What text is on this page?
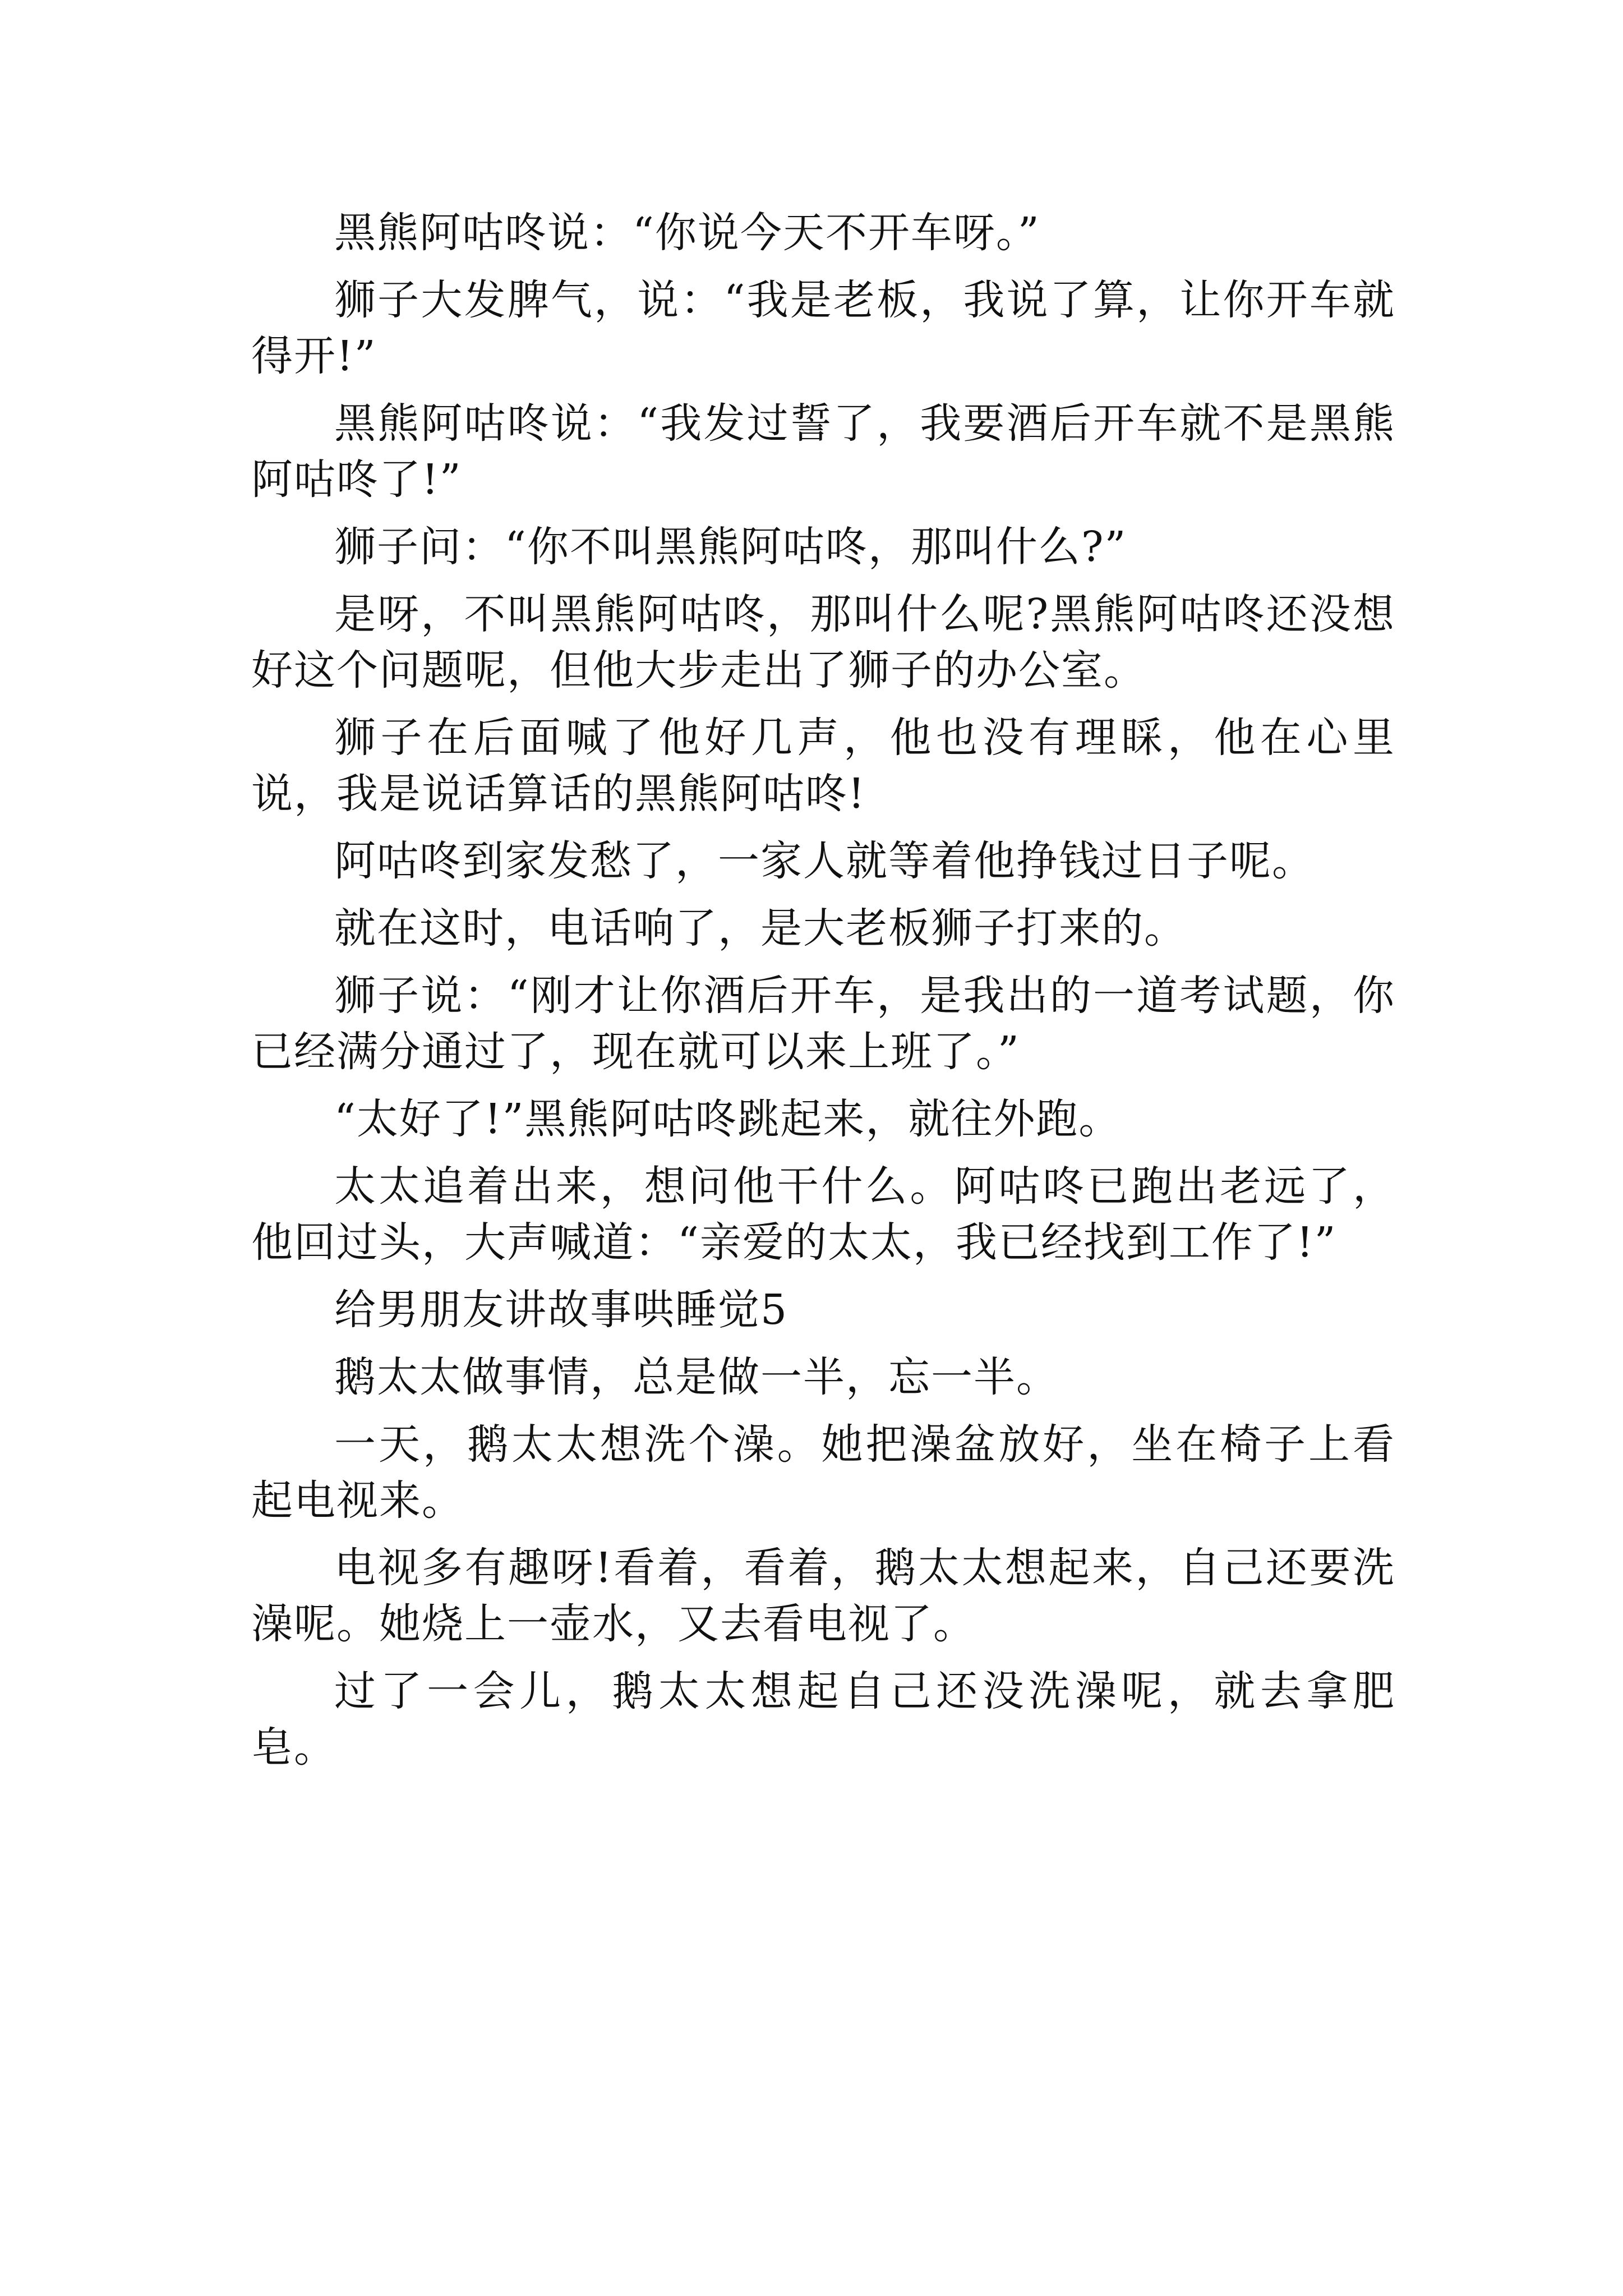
黑熊阿咕咚说：“你说今天不开车呀。”

狮子大发脾气，说：“我是老板，我说了算，让你开车就得开!”

黑熊阿咕咚说：“我发过誓了，我要酒后开车就不是黑熊阿咕咚了!”

狮子问：“你不叫黑熊阿咕咚，那叫什么?”

是呀，不叫黑熊阿咕咚，那叫什么呢?黑熊阿咕咚还没想好这个问题呢，但他大步走出了狮子的办公室。

狮子在后面喊了他好几声，他也没有理睬，他在心里说，我是说话算话的黑熊阿咕咚!

阿咕咚到家发愁了，一家人就等着他挣钱过日子呢。

就在这时，电话响了，是大老板狮子打来的。

狮子说：“刚才让你酒后开车，是我出的一道考试题，你已经满分通过了，现在就可以来上班了。”

“太好了!”黑熊阿咕咚跳起来，就往外跑。

太太追着出来，想问他干什么。阿咕咚已跑出老远了，他回过头，大声喊道：“亲爱的太太，我已经找到工作了!”

给男朋友讲故事哄睡觉5

鹅太太做事情，总是做一半，忘一半。

一天，鹅太太想洗个澡。她把澡盆放好，坐在椅子上看起电视来。

电视多有趣呀!看着，看着，鹅太太想起来，自己还要洗澡呢。她烧上一壶水，又去看电视了。

过了一会儿，鹅太太想起自己还没洗澡呢，就去拿肥皂。
